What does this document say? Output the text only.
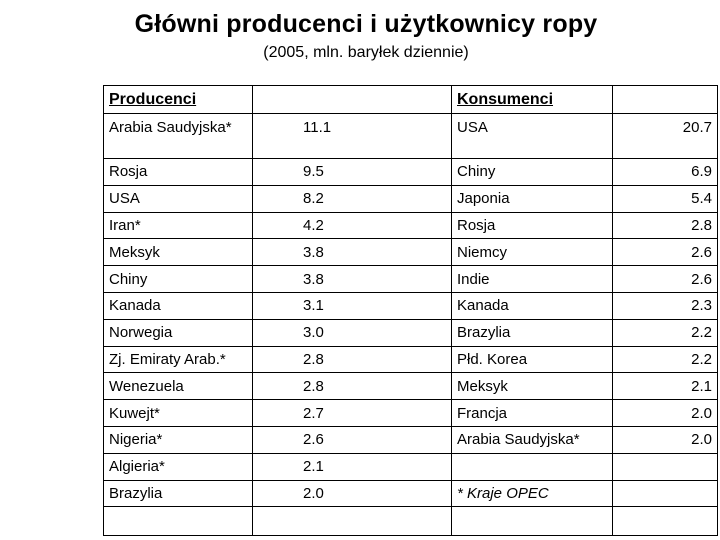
Główni producenci i użytkownicy ropy
(2005, mln. baryłek dziennie)
Producenci		Konsumenci	
Arabia Saudyjska*	11.1	USA	20.7
Rosja	9.5	Chiny	6.9
USA	8.2	Japonia	5.4
Iran*	4.2	Rosja	2.8
Meksyk	3.8	Niemcy	2.6
Chiny	3.8	Indie	2.6
Kanada	3.1	Kanada	2.3
Norwegia	3.0	Brazylia	2.2
Zj. Emiraty Arab.*	2.8	Płd. Korea	2.2
Wenezuela	2.8	Meksyk	2.1
Kuwejt*	2.7	Francja	2.0
Nigeria*	2.6	Arabia Saudyjska*	2.0
Algieria*	2.1		
Brazylia	2.0	* Kraje OPEC	
